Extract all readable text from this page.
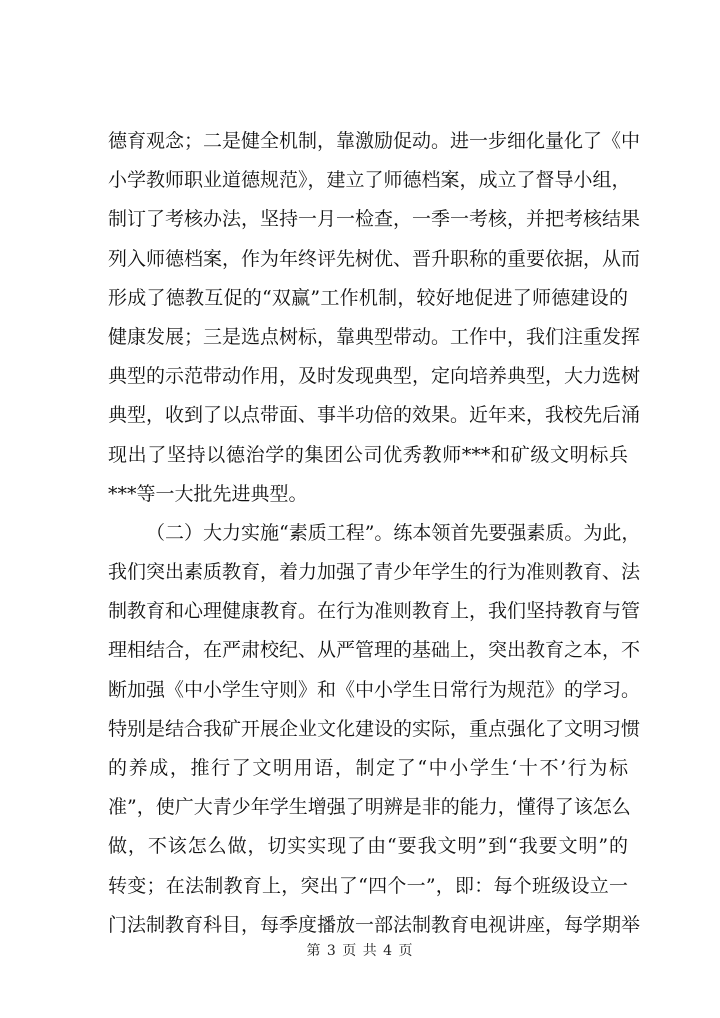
德育观念；二是健全机制，靠激励促动。进一步细化量化了《中
小学教师职业道德规范》，建立了师德档案，成立了督导小组，
制订了考核办法，坚持一月一检查，一季一考核，并把考核结果
列入师德档案，作为年终评先树优、晋升职称的重要依据，从而
形成了德教互促的“双赢”工作机制，较好地促进了师德建设的
健康发展；三是选点树标，靠典型带动。工作中，我们注重发挥
典型的示范带动作用，及时发现典型，定向培养典型，大力选树
典型，收到了以点带面、事半功倍的效果。近年来，我校先后涌
现出了坚持以德治学的集团公司优秀教师***和矿级文明标兵
***等一大批先进典型。
（二）大力实施“素质工程”。练本领首先要强素质。为此，
我们突出素质教育，着力加强了青少年学生的行为准则教育、法
制教育和心理健康教育。在行为准则教育上，我们坚持教育与管
理相结合，在严肃校纪、从严管理的基础上，突出教育之本，不
断加强《中小学生守则》和《中小学生日常行为规范》的学习。
特别是结合我矿开展企业文化建设的实际，重点强化了文明习惯
的养成，推行了文明用语，制定了“中小学生‘十不’行为标
准”，使广大青少年学生增强了明辨是非的能力，懂得了该怎么
做，不该怎么做，切实实现了由“要我文明”到“我要文明”的
转变；在法制教育上，突出了“四个一”，即：每个班级设立一
门法制教育科目，每季度播放一部法制教育电视讲座，每学期举
第 3 页 共 4 页
